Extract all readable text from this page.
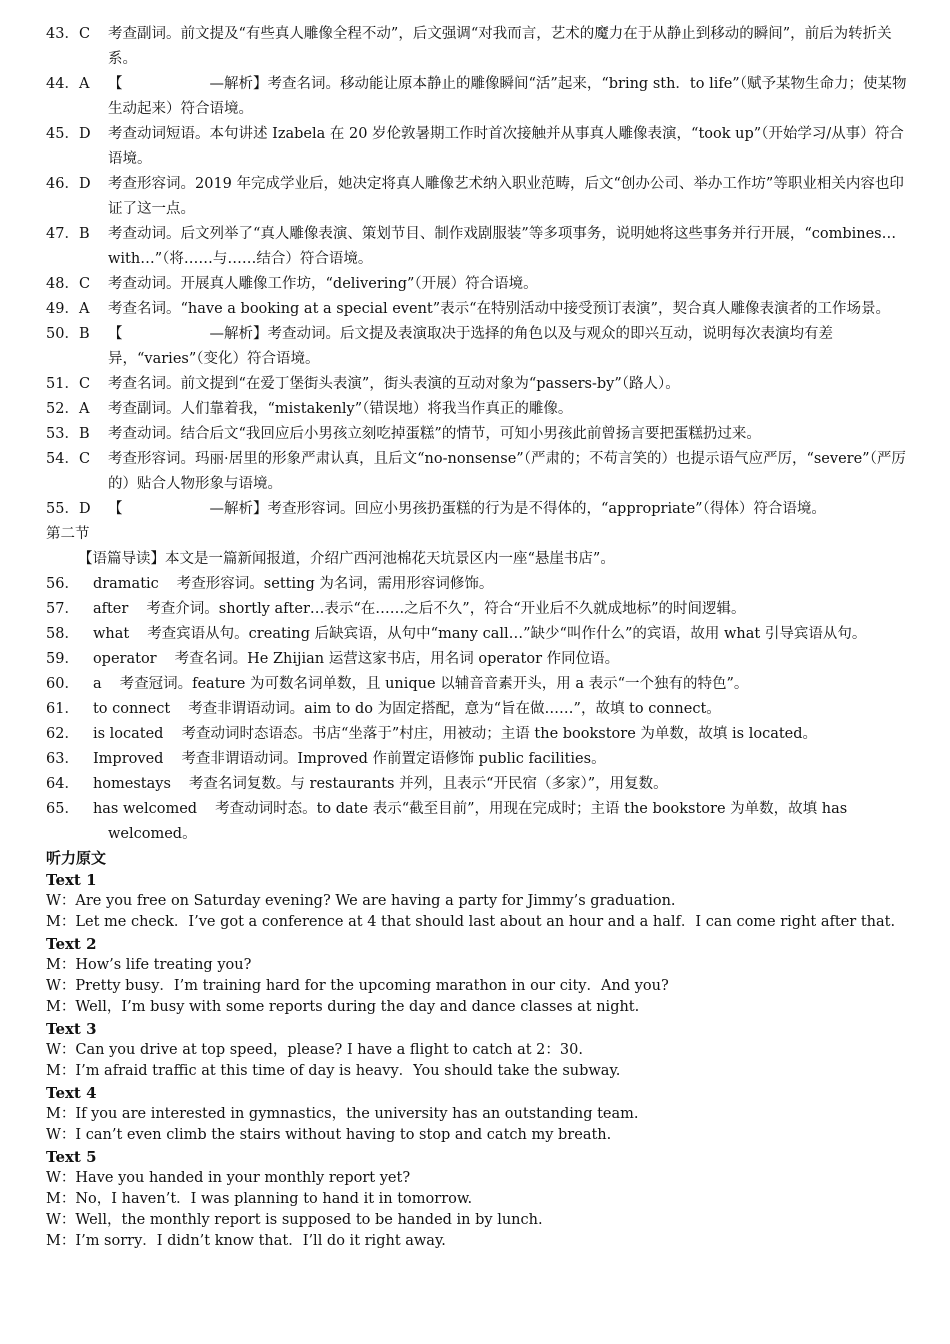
43．C 考查副词。前文提及“有些真人雕像全程不动”，后文强调“对我而言，艺术的魔力在于从静止到移动的瞬间”，前后为转折关系。

44．A 【　　　　　　—解析】考查名词。移动能让原本静止的雕像瞬间“活”起来，“bring sth．to life”（赋予某物生命力；使某物生动起来）符合语境。

45．D 考查动词短语。本句讲述 Izabela 在 20 岁伦敦暑期工作时首次接触并从事真人雕像表演，“took up”（开始学习/从事）符合语境。

46．D 考查形容词。2019 年完成学业后，她决定将真人雕像艺术纳入职业范畴，后文“创办公司、举办工作坊”等职业相关内容也印证了这一点。

47．B 考查动词。后文列举了“真人雕像表演、策划节目、制作戏剧服装”等多项事务，说明她将这些事务并行开展，“combines…with…”（将……与……结合）符合语境。

48．C 考查动词。开展真人雕像工作坊，“delivering”（开展）符合语境。

49．A 考查名词。“have a booking at a special event”表示“在特别活动中接受预订表演”，契合真人雕像表演者的工作场景。

50．B 【　　　　　　—解析】考查动词。后文提及表演取决于选择的角色以及与观众的即兴互动，说明每次表演均有差异，“varies”（变化）符合语境。

51．C 考查名词。前文提到“在爱丁堡街头表演”，街头表演的互动对象为“passers-by”（路人）。

52．A 考查副词。人们靠着我，“mistakenly”（错误地）将我当作真正的雕像。

53．B 考查动词。结合后文“我回应后小男孩立刻吃掉蛋糕”的情节，可知小男孩此前曾扬言要把蛋糕扔过来。

54．C 考查形容词。玛丽·居里的形象严肃认真，且后文“no-nonsense”（严肃的；不苟言笑的）也提示语气应严厉，“severe”（严厉的）贴合人物形象与语境。

55．D 【　　　　　　—解析】考查形容词。回应小男孩扔蛋糕的行为是不得体的，“appropriate”（得体）符合语境。

第二节

【语篇导读】本文是一篇新闻报道，介绍广西河池棉花天坑景区内一座“悬崖书店”。

56． dramatic 考查形容词。setting 为名词，需用形容词修饰。

57． after 考查介词。shortly after…表示“在……之后不久”，符合“开业后不久就成地标”的时间逻辑。

58． what 考查宾语从句。creating 后缺宾语，从句中“many call…”缺少“叫作什么”的宾语，故用 what 引导宾语从句。

59． operator 考查名词。He Zhijian 运营这家书店，用名词 operator 作同位语。

60． a 考查冠词。feature 为可数名词单数，且 unique 以辅音音素开头，用 a 表示“一个独有的特色”。

61． to connect 考查非谓语动词。aim to do 为固定搭配，意为“旨在做……”，故填 to connect。

62． is located 考查动词时态语态。书店“坐落于”村庄，用被动；主语 the bookstore 为单数，故填 is located。

63． Improved 考查非谓语动词。Improved 作前置定语修饰 public facilities。

64． homestays 考查名词复数。与 restaurants 并列，且表示“开民宿（多家）”，用复数。

65． has welcomed 考查动词时态。to date 表示“截至目前”，用现在完成时；主语 the bookstore 为单数，故填 has welcomed。

听力原文

Text 1

W：Are you free on Saturday evening? We are having a party for Jimmy’s graduation.

M：Let me check．I’ve got a conference at 4 that should last about an hour and a half．I can come right after that.

Text 2

M：How’s life treating you?

W：Pretty busy．I’m training hard for the upcoming marathon in our city．And you?

M：Well，I’m busy with some reports during the day and dance classes at night.

Text 3

W：Can you drive at top speed，please? I have a flight to catch at 2：30.

M：I’m afraid traffic at this time of day is heavy．You should take the subway.

Text 4

M：If you are interested in gymnastics，the university has an outstanding team.

W：I can’t even climb the stairs without having to stop and catch my breath.

Text 5

W：Have you handed in your monthly report yet?

M：No，I haven’t．I was planning to hand it in tomorrow.

W：Well，the monthly report is supposed to be handed in by lunch.

M：I’m sorry．I didn’t know that．I’ll do it right away.
